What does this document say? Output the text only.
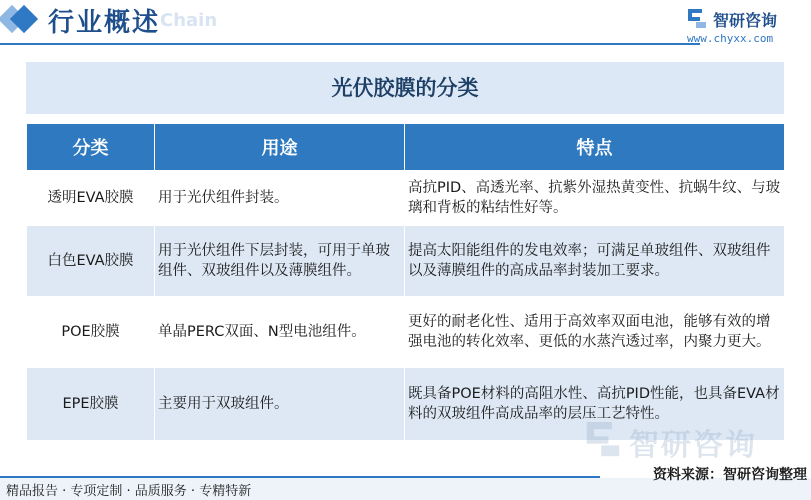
行业概述 Chain	智研咨询
www.chyxx.com
光伏胶膜的分类
分类	用途	特点
透明EVA胶膜	用于光伏组件封装。	高抗PID、高透光率、抗紫外湿热黄变性、抗蜗牛纹、与玻璃和背板的粘结性好等。
白色EVA胶膜	用于光伏组件下层封装，可用于单玻组件、双玻组件以及薄膜组件。	提高太阳能组件的发电效率；可满足单玻组件、双玻组件以及薄膜组件的高成品率封装加工要求。
POE胶膜	单晶PERC双面、N型电池组件。	更好的耐老化性、适用于高效率双面电池，能够有效的增强电池的转化效率、更低的水蒸汽透过率，内聚力更大。
EPE胶膜	主要用于双玻组件。	既具备POE材料的高阻水性、高抗PID性能，也具备EVA材料的双玻组件高成品率的层压工艺特性。
智研咨询
精品报告 · 专项定制 · 品质服务 · 专精特新
资料来源：智研咨询整理
